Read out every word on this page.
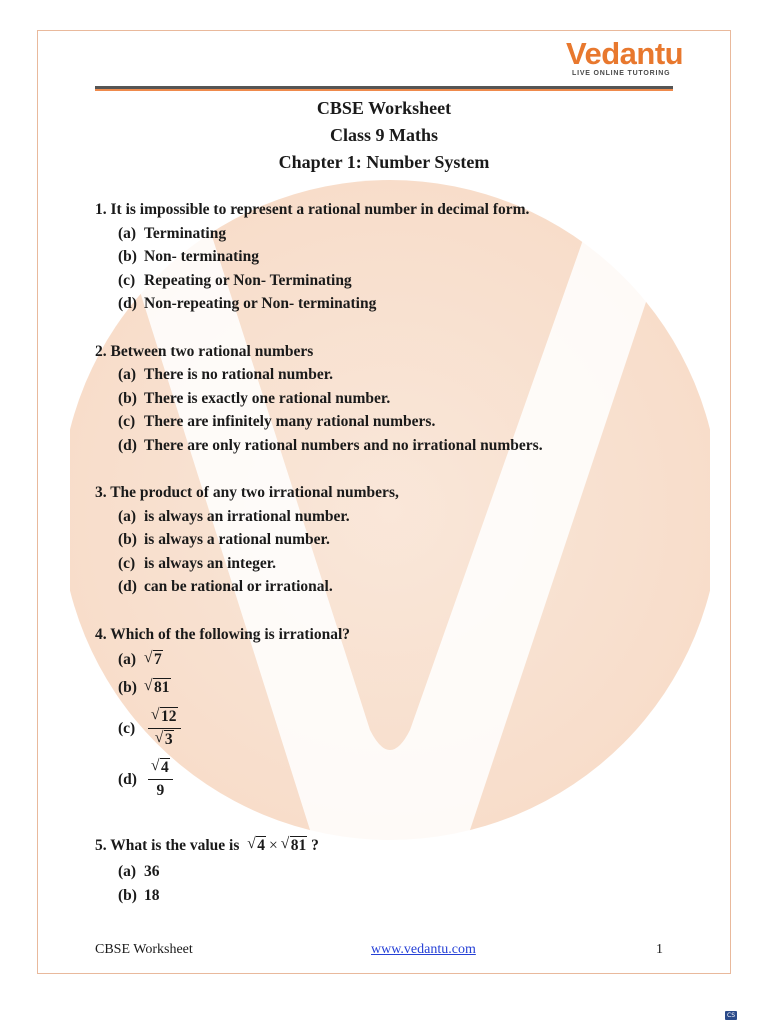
Vedantu
LIVE ONLINE TUTORING
CBSE Worksheet
Class 9 Maths
Chapter 1: Number System
1. It is impossible to represent a rational number in decimal form.
(a) Terminating
(b) Non- terminating
(c) Repeating or Non- Terminating
(d) Non-repeating or Non- terminating
2. Between two rational numbers
(a) There is no rational number.
(b) There is exactly one rational number.
(c) There are infinitely many rational numbers.
(d) There are only rational numbers and no irrational numbers.
3. The product of any two irrational numbers,
(a) is always an irrational number.
(b) is always a rational number.
(c) is always an integer.
(d) can be rational or irrational.
4. Which of the following is irrational?
(a) √ 7
(b) √ 81
$(c) \frac{√ 12}{√ 3}$
$(d) \frac{√ 4}{9}$
5. What is the value is √ 4 × √ 81 ?
(a) 36
(b) 18
CBSE Worksheet	www.vedantu.com	1
CS
